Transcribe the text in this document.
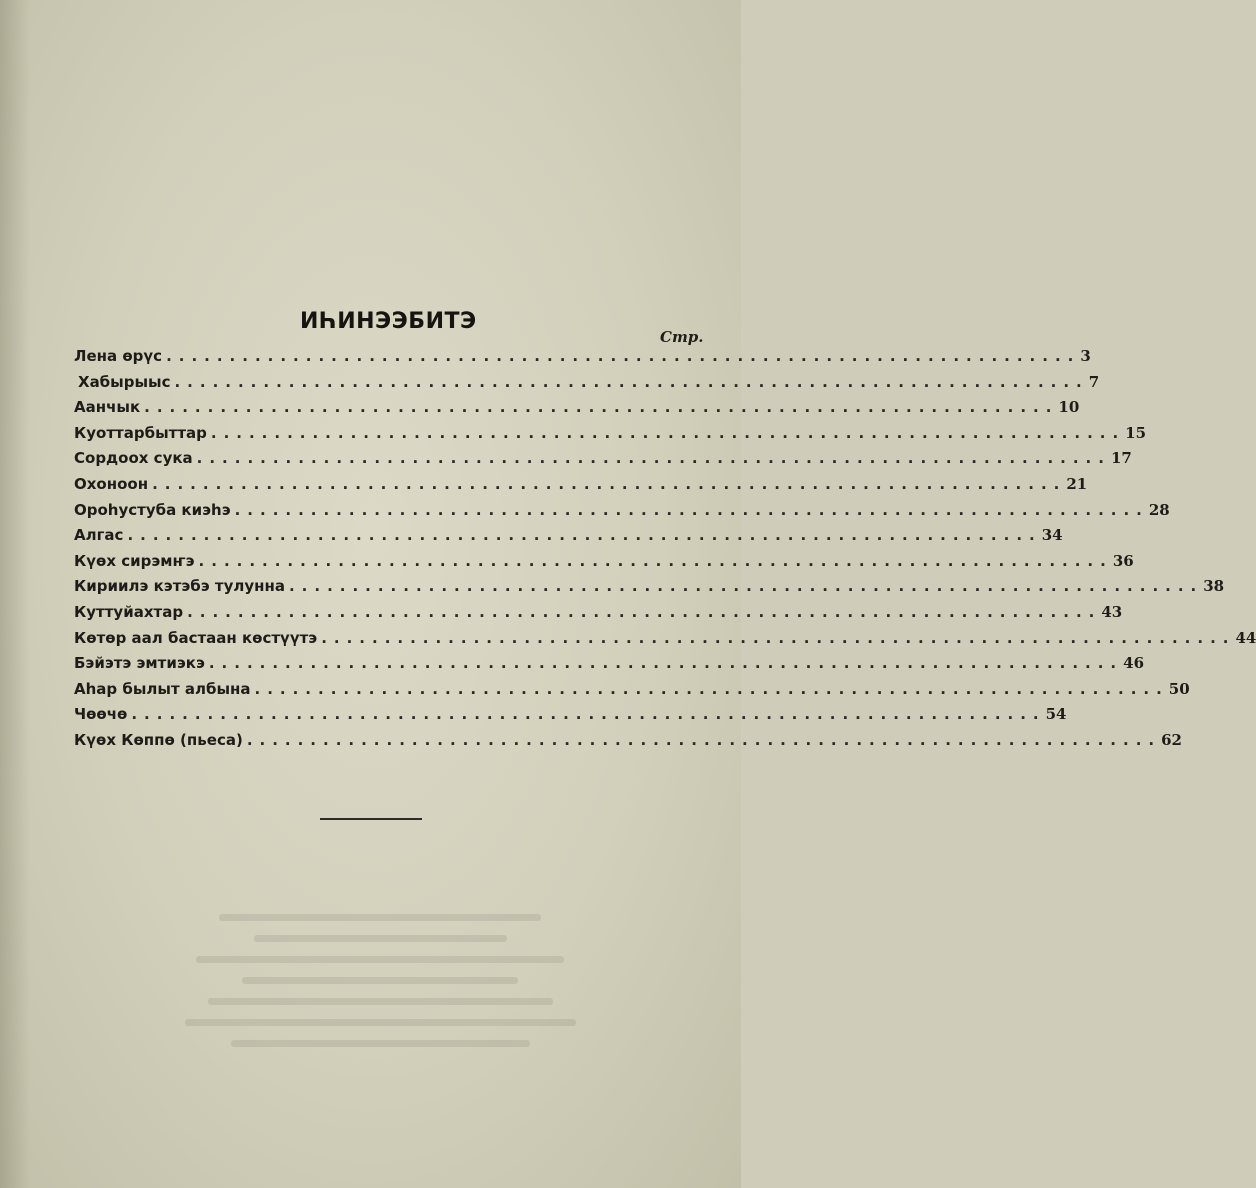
ИҺИНЭЭБИТЭ
Стр.
Лена өрүс ........................................................................ 3
Хабырыыс ........................................................................ 7
Аанчык ........................................................................ 10
Куоттарбыттар ........................................................................ 15
Сордоох сука ........................................................................ 17
Охоноон ........................................................................ 21
Ороһустуба киэһэ ........................................................................ 28
Алгас ........................................................................ 34
Күөх сирэмҥэ ........................................................................ 36
Кириилэ кэтэбэ тулунна ........................................................................ 38
Куттуйахтар ........................................................................ 43
Көтөр аал бастаан көстүүтэ ........................................................................ 44
Бэйэтэ эмтиэкэ ........................................................................ 46
Аһар былыт албына ........................................................................ 50
Чөөчө ........................................................................ 54
Күөх Көппө (пьеса) ........................................................................ 62
